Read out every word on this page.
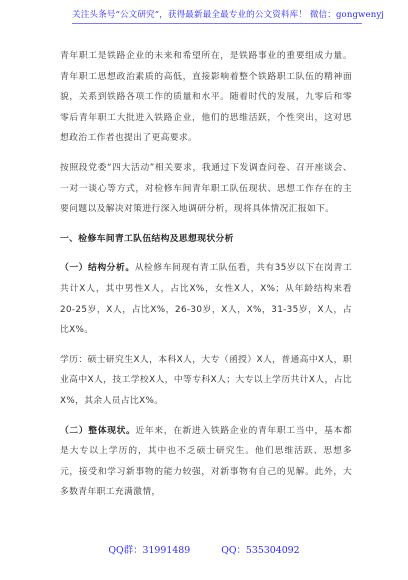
关注头条号“公文研究”，获得最新最全最专业的公文资料库！ 微信：gongwenyj

青年职工是铁路企业的未来和希望所在，是铁路事业的重要组成力量。青年职工思想政治素质的高低，直接影响着整个铁路职工队伍的精神面貌，关系到铁路各项工作的质量和水平。随着时代的发展，九零后和零零后青年职工大批进入铁路企业，他们的思维活跃，个性突出，这对思想政治工作者也提出了更高要求。

按照段党委“四大活动”相关要求，我通过下发调查问卷、召开座谈会、一对一谈心等方式，对检修车间青年职工队伍现状、思想工作存在的主要问题以及解决对策进行深入地调研分析，现将具体情况汇报如下。

一、检修车间青工队伍结构及思想现状分析

（一）结构分析。从检修车间现有青工队伍看，共有35岁以下在岗青工共计X人，其中男性X人，占比X%，女性X人，X%；从年龄结构来看20-25岁，X人，占比X%，26-30岁，X人，X%，31-35岁，X人，占比X%。

学历：硕士研究生X人，本科X人，大专（函授）X人，普通高中X人，职业高中X人，技工学校X人，中等专科X人；大专以上学历共计X人，占比X%，其余人员占比X%。

（二）整体现状。近年来，在新进入铁路企业的青年职工当中，基本都是大专以上学历的，其中也不乏硕士研究生。他们思维活跃、思想多元，接受和学习新事物的能力较强，对新事物有自己的见解。此外，大多数青年职工充满激情，

QQ群：31991489	QQ：535304092
